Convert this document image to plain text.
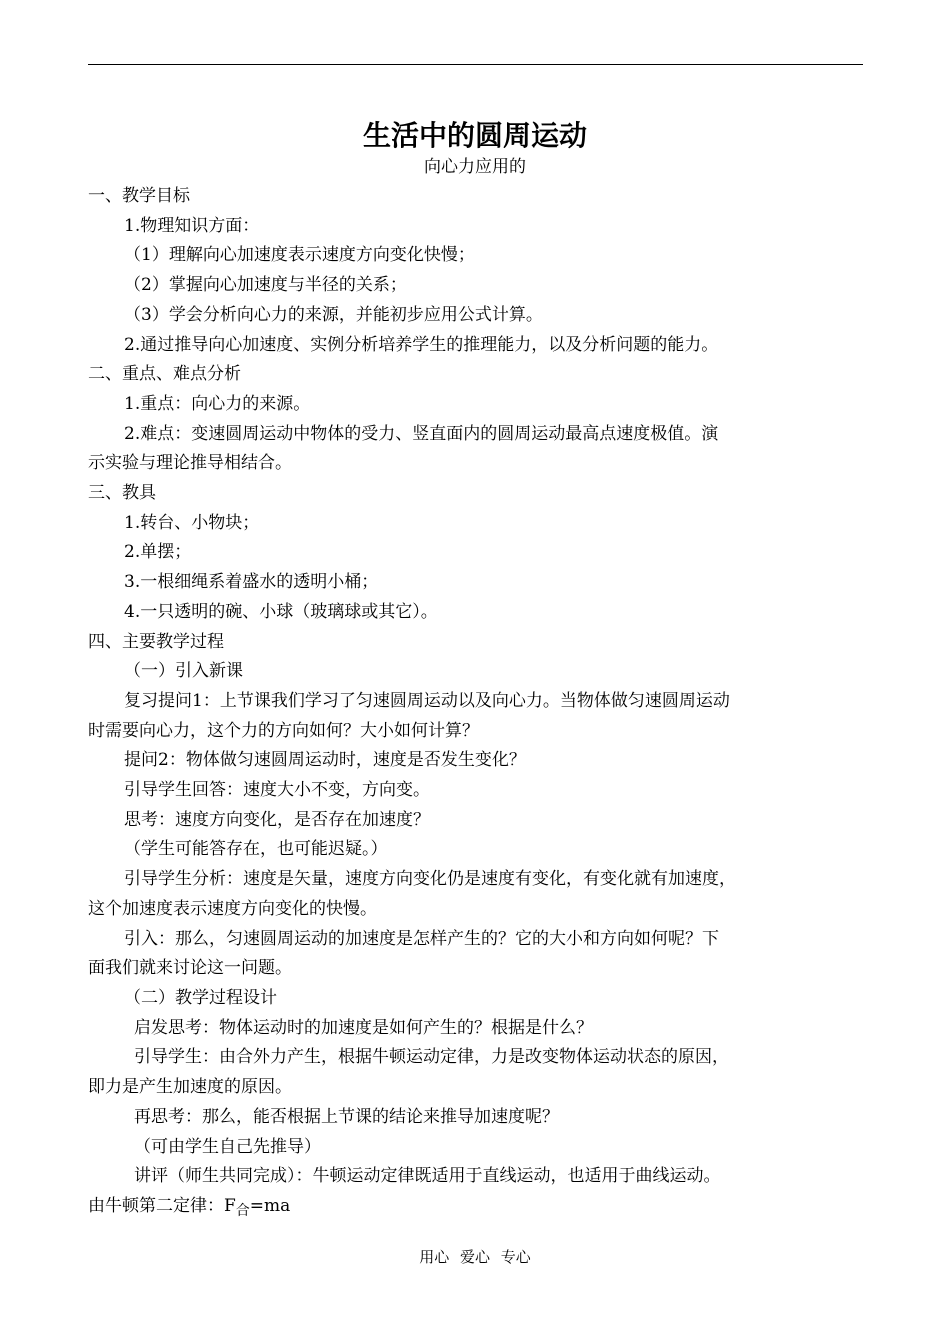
生活中的圆周运动
向心力应用的

一、教学目标

1.物理知识方面：

（1）理解向心加速度表示速度方向变化快慢；

（2）掌握向心加速度与半径的关系；

（3）学会分析向心力的来源，并能初步应用公式计算。

2.通过推导向心加速度、实例分析培养学生的推理能力，以及分析问题的能力。

二、重点、难点分析

1.重点：向心力的来源。

2.难点：变速圆周运动中物体的受力、竖直面内的圆周运动最高点速度极值。演

示实验与理论推导相结合。

三、教具

1.转台、小物块；

2.单摆；

3.一根细绳系着盛水的透明小桶；

4.一只透明的碗、小球（玻璃球或其它）。

四、主要教学过程

（一）引入新课

复习提问1：上节课我们学习了匀速圆周运动以及向心力。当物体做匀速圆周运动

时需要向心力，这个力的方向如何？大小如何计算？

提问2：物体做匀速圆周运动时，速度是否发生变化？

引导学生回答：速度大小不变，方向变。

思考：速度方向变化，是否存在加速度？

（学生可能答存在，也可能迟疑。）

引导学生分析：速度是矢量，速度方向变化仍是速度有变化，有变化就有加速度，

这个加速度表示速度方向变化的快慢。

引入：那么，匀速圆周运动的加速度是怎样产生的？它的大小和方向如何呢？下

面我们就来讨论这一问题。

（二）教学过程设计

启发思考：物体运动时的加速度是如何产生的？根据是什么？

引导学生：由合外力产生，根据牛顿运动定律，力是改变物体运动状态的原因，

即力是产生加速度的原因。

再思考：那么，能否根据上节课的结论来推导加速度呢？

（可由学生自己先推导）

讲评（师生共同完成）：牛顿运动定律既适用于直线运动，也适用于曲线运动。

由牛顿第二定律：$F_合=ma$

用心 爱心 专心
